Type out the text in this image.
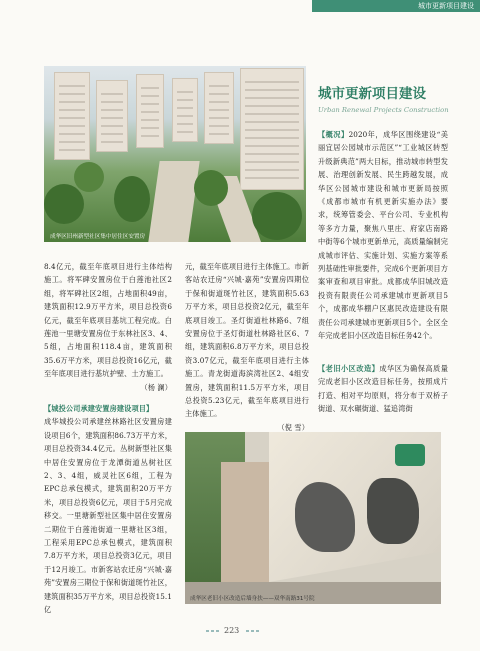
城市更新项目建设
成华区旧州新型社区集中居住区安置房
城市更新项目建设
Urban Renewal Projects Construction
【概况】2020年，成华区围绕建设“美丽宜居公园城市示范区”“工业城区转型升级新典范”两大目标，推动城市转型发展、治理创新发展、民生跨越发展，成华区公园城市建设和城市更新局按照《成都市城市有机更新实施办法》要求，统筹管委会、平台公司、专业机构等多方力量，聚焦八里庄、府家店南路中街等6个城市更新单元，高质量编制完成城市评估、实施计划、实施方案等系列基础性审批要件，完成6个更新项目方案审查和项目审批。成都成华旧城改造投资有限责任公司承建城市更新项目5个，成都成华棚户区惠民改造建设有限责任公司承建城市更新项目5个。全区全年完成老旧小区改造目标任务42个。
【老旧小区改造】成华区为确保高质量完成老旧小区改造目标任务，按照成片打造、相对平均原则，将分布于双桥子街道、双水碾街道、猛追湾街
8.4亿元，截至年底项目进行主体结构施工。将军碑安置房位于白莲池社区2组，将军碑社区2组，占地面积49亩，建筑面积12.9万平方米，项目总投资6亿元，截至年底项目基坑工程完成。白莲池一里塘安置房位于东林社区3、4、5组，占地面积118.4亩，建筑面积35.6万平方米，项目总投资16亿元，截至年底项目进行基坑护壁、土方施工。
（杨 澜）
【城投公司承建安置房建设项目】
成华城投公司承建丝林路社区安置房建设项目6个，建筑面积86.73万平方米，项目总投资34.4亿元。丛树新型社区集中居住安置房位于龙潭街道丛树社区2、3、4组，威灵社区6组，工程为EPC总承包模式，建筑面积20万平方米，项目总投资6亿元，项目于5月完成移交。一里塘新型社区集中居住安置房二期位于白莲池街道一里塘社区3组，工程采用EPC总承包模式，建筑面积7.8万平方米，项目总投资3亿元，项目于12月竣工。市新客站农迁房“兴城·嘉苑”安置房三期位于保和街道斑竹社区，建筑面积35万平方米，项目总投资15.1亿
元，截至年底项目进行主体施工。市新客站农迁房“兴城·嘉苑”安置房四期位于保和街道斑竹社区，建筑面积5.63万平方米，项目总投资2亿元，截至年底项目竣工。圣灯街道杜林路6、7组安置房位于圣灯街道杜林路社区6、7组，建筑面积6.8万平方米，项目总投资3.07亿元，截至年底项目进行主体施工。青龙街道海滨湾社区2、4组安置房，建筑面积11.5万平方米，项目总投资5.23亿元，截至年底项目进行主体施工。
（倪 雪）
成华区老旧小区改造后墙身扶——双华南路31号院
223
